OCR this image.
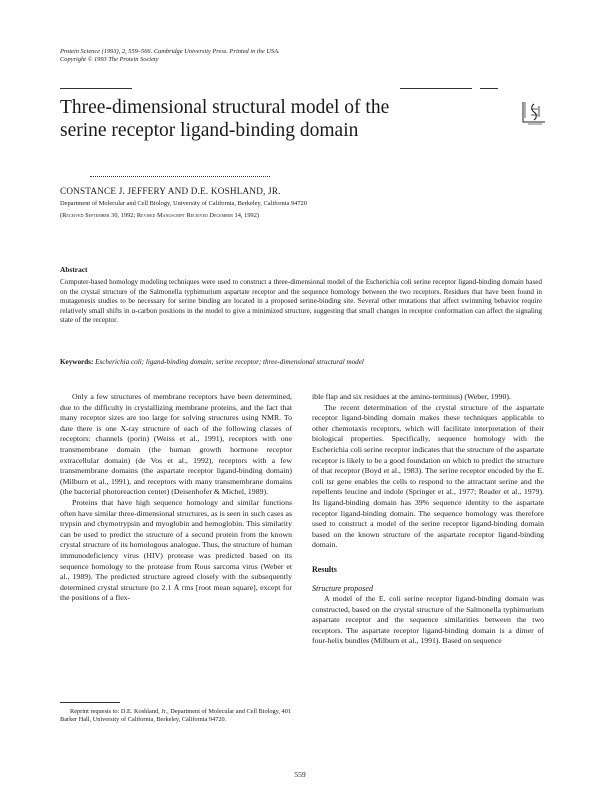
Protein Science (1993), 2, 559–566. Cambridge University Press. Printed in the USA.
Copyright © 1993 The Protein Society
Three-dimensional structural model of the
serine receptor ligand-binding domain
CONSTANCE J. JEFFERY AND D.E. KOSHLAND, JR.
Department of Molecular and Cell Biology, University of California, Berkeley, California 94720
(Received September 30, 1992; Revised Manuscript Received December 14, 1992)
Abstract

Computer-based homology modeling techniques were used to construct a three-dimensional model of the Escherichia coli serine receptor ligand-binding domain based on the crystal structure of the Salmonella typhimurium aspartate receptor and the sequence homology between the two receptors. Residues that have been found in mutagenesis studies to be necessary for serine binding are located in a proposed serine-binding site. Several other mutations that affect swimming behavior require relatively small shifts in α-carbon positions in the model to give a minimized structure, suggesting that small changes in receptor conformation can affect the signaling state of the receptor.

Keywords: Escherichia coli; ligand-binding domain; serine receptor; three-dimensional structural model

Only a few structures of membrane receptors have been determined, due to the difficulty in crystallizing membrane proteins, and the fact that many receptor sizes are too large for solving structures using NMR. To date there is one X-ray structure of each of the following classes of receptors: channels (porin) (Weiss et al., 1991), receptors with one transmembrane domain (the human growth hormone receptor extracellular domain) (de Vos et al., 1992), receptors with a few transmembrane domains (the aspartate receptor ligand-binding domain) (Milburn et al., 1991), and receptors with many transmembrane domains (the bacterial photoreaction center) (Deisenhofer & Michel, 1989).

Proteins that have high sequence homology and similar functions often have similar three-dimensional structures, as is seen in such cases as trypsin and chymotrypsin and myoglobin and hemoglobin. This similarity can be used to predict the structure of a second protein from the known crystal structure of its homologous analogue. Thus, the structure of human immunodeficiency virus (HIV) protease was predicted based on its sequence homology to the protease from Rous sarcoma virus (Weber et al., 1989). The predicted structure agreed closely with the subsequently determined crystal structure (to 2.1 Å rms [root mean square], except for the positions of a flex-

ible flap and six residues at the amino-terminus) (Weber, 1990).

The recent determination of the crystal structure of the aspartate receptor ligand-binding domain makes these techniques applicable to other chemotaxis receptors, which will facilitate interpretation of their biological properties. Specifically, sequence homology with the Escherichia coli serine receptor indicates that the structure of the aspartate receptor is likely to be a good foundation on which to predict the structure of that receptor (Boyd et al., 1983). The serine receptor encoded by the E. coli tsr gene enables the cells to respond to the attractant serine and the repellents leucine and indole (Springer et al., 1977; Reader et al., 1979). Its ligand-binding domain has 39% sequence identity to the aspartate receptor ligand-binding domain. The sequence homology was therefore used to construct a model of the serine receptor ligand-binding domain based on the known structure of the aspartate receptor ligand-binding domain.

Results

Structure proposed

A model of the E. coli serine receptor ligand-binding domain was constructed, based on the crystal structure of the Salmonella typhimurium aspartate receptor and the sequence similarities between the two receptors. The aspartate receptor ligand-binding domain is a dimer of four-helix bundles (Milburn et al., 1991). Based on sequence

Reprint requests to: D.E. Koshland, Jr., Department of Molecular and Cell Biology, 401 Barker Hall, University of California, Berkeley, California 94720.

559
